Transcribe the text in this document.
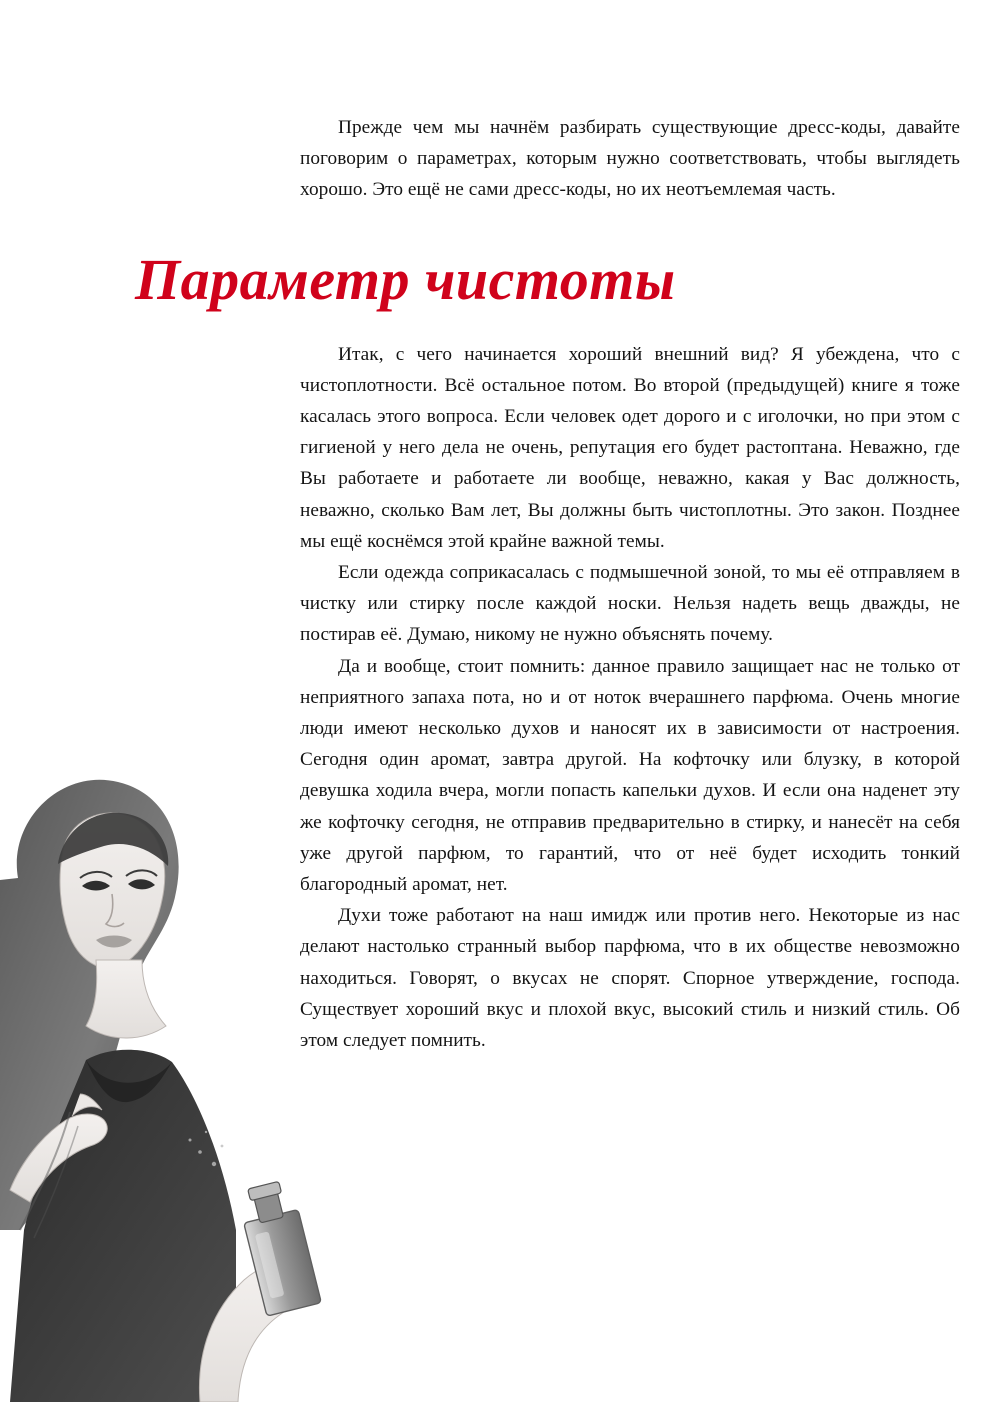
Прежде чем мы начнём разбирать существующие дресс-коды, давайте поговорим о параметрах, которым нужно соответствовать, чтобы выглядеть хорошо. Это ещё не сами дресс-коды, но их неотъемлемая часть.

Параметр чистоты

Итак, с чего начинается хороший внешний вид? Я убеждена, что с чистоплотности. Всё остальное потом. Во второй (предыдущей) книге я тоже касалась этого вопроса. Если человек одет дорого и с иголочки, но при этом с гигиеной у него дела не очень, репутация его будет растоптана. Неважно, где Вы работаете и работаете ли вообще, неважно, какая у Вас должность, неважно, сколько Вам лет, Вы должны быть чистоплотны. Это закон. Позднее мы ещё коснёмся этой крайне важной темы.

Если одежда соприкасалась с подмышечной зоной, то мы её отправляем в чистку или стирку после каждой носки. Нельзя надеть вещь дважды, не постирав её. Думаю, никому не нужно объяснять почему.

Да и вообще, стоит помнить: данное правило защищает нас не только от неприятного запаха пота, но и от ноток вчерашнего парфюма. Очень многие люди имеют несколько духов и наносят их в зависимости от настроения. Сегодня один аромат, завтра другой. На кофточку или блузку, в которой девушка ходила вчера, могли попасть капельки духов. И если она наденет эту же кофточку сегодня, не отправив предварительно в стирку, и нанесёт на себя уже другой парфюм, то гарантий, что от неё будет исходить тонкий благородный аромат, нет.

Духи тоже работают на наш имидж или против него. Некоторые из нас делают настолько странный выбор парфюма, что в их обществе невозможно находиться. Говорят, о вкусах не спорят. Спорное утверждение, господа. Существует хороший вкус и плохой вкус, высокий стиль и низкий стиль. Об этом следует помнить.
